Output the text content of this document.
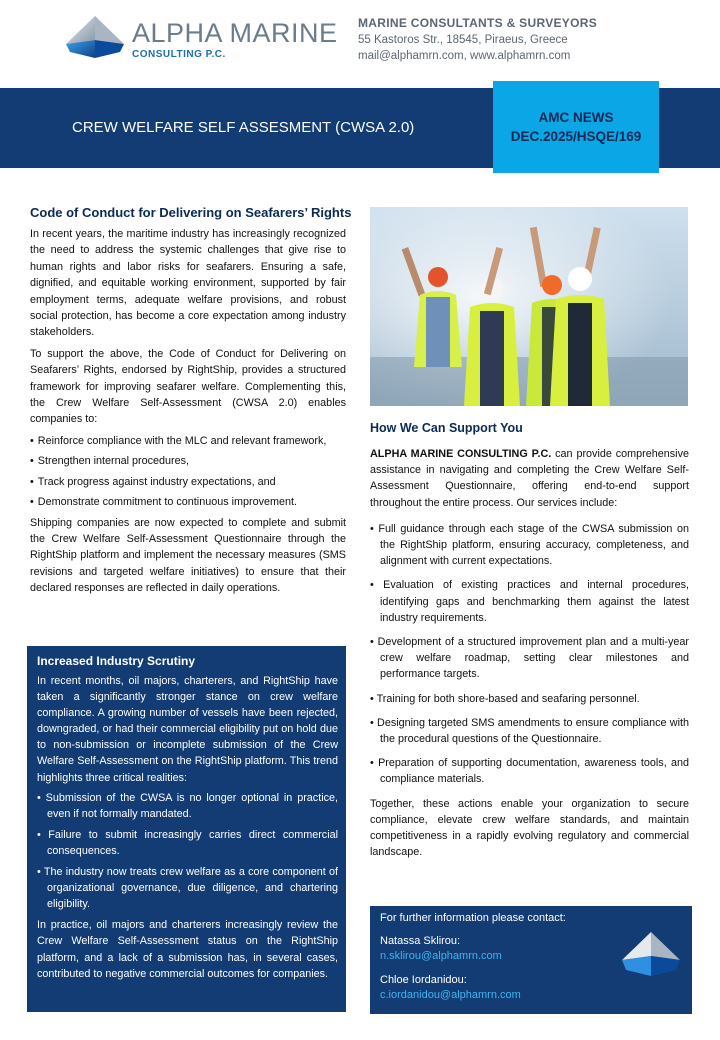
ALPHA MARINE
CONSULTING P.C.
MARINE CONSULTANTS & SURVEYORS
55 Kastoros Str., 18545, Piraeus, Greece
mail@alphamrn.com, www.alphamrn.com
CREW WELFARE SELF ASSESMENT (CWSA 2.0)
AMC NEWS
DEC.2025/HSQE/169
Code of Conduct for Delivering on Seafarers’ Rights

In recent years, the maritime industry has increasingly recognized the need to address the systemic challenges that give rise to human rights and labor risks for seafarers. Ensuring a safe, dignified, and equitable working environment, supported by fair employment terms, adequate welfare provisions, and robust social protection, has become a core expectation among industry stakeholders.

To support the above, the Code of Conduct for Delivering on Seafarers’ Rights, endorsed by RightShip, provides a structured framework for improving seafarer welfare. Complementing this, the Crew Welfare Self-Assessment (CWSA 2.0) enables companies to:

• Reinforce compliance with the MLC and relevant framework,
• Strengthen internal procedures,
• Track progress against industry expectations, and
• Demonstrate commitment to continuous improvement.

Shipping companies are now expected to complete and submit the Crew Welfare Self-Assessment Questionnaire through the RightShip platform and implement the necessary measures (SMS revisions and targeted welfare initiatives) to ensure that their declared responses are reflected in daily operations.

Increased Industry Scrutiny

In recent months, oil majors, charterers, and RightShip have taken a significantly stronger stance on crew welfare compliance. A growing number of vessels have been rejected, downgraded, or had their commercial eligibility put on hold due to non-submission or incomplete submission of the Crew Welfare Self-Assessment on the RightShip platform. This trend highlights three critical realities:

• Submission of the CWSA is no longer optional in practice, even if not formally mandated.
• Failure to submit increasingly carries direct commercial consequences.
• The industry now treats crew welfare as a core component of organizational governance, due diligence, and chartering eligibility.

In practice, oil majors and charterers increasingly review the Crew Welfare Self-Assessment status on the RightShip platform, and a lack of a submission has, in several cases, contributed to negative commercial outcomes for companies.

How We Can Support You

ALPHA MARINE CONSULTING P.C. can provide comprehensive assistance in navigating and completing the Crew Welfare Self-Assessment Questionnaire, offering end-to-end support throughout the entire process. Our services include:

• Full guidance through each stage of the CWSA submission on the RightShip platform, ensuring accuracy, completeness, and alignment with current expectations.
• Evaluation of existing practices and internal procedures, identifying gaps and benchmarking them against the latest industry requirements.
• Development of a structured improvement plan and a multi-year crew welfare roadmap, setting clear milestones and performance targets.
• Training for both shore-based and seafaring personnel.
• Designing targeted SMS amendments to ensure compliance with the procedural questions of the Questionnaire.
• Preparation of supporting documentation, awareness tools, and compliance materials.

Together, these actions enable your organization to secure compliance, elevate crew welfare standards, and maintain competitiveness in a rapidly evolving regulatory and commercial landscape.

For further information please contact:
Natassa Sklirou:
n.sklirou@alphamrn.com
Chloe Iordanidou:
c.iordanidou@alphamrn.com
